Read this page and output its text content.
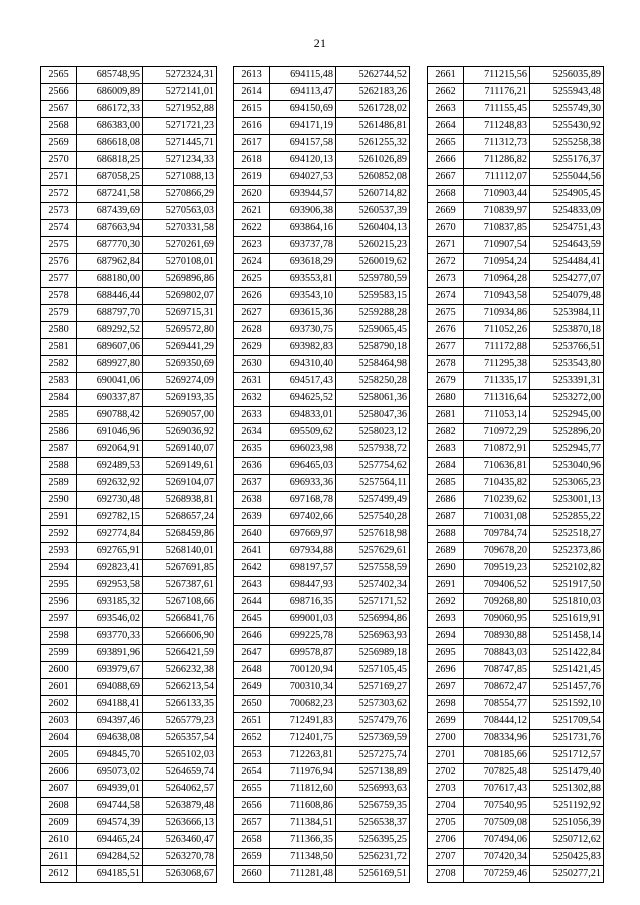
21
2565	685748,95	5272324,31
2566	686009,89	5272141,01
2567	686172,33	5271952,88
2568	686383,00	5271721,23
2569	686618,08	5271445,71
2570	686818,25	5271234,33
2571	687058,25	5271088,13
2572	687241,58	5270866,29
2573	687439,69	5270563,03
2574	687663,94	5270331,58
2575	687770,30	5270261,69
2576	687962,84	5270108,01
2577	688180,00	5269896,86
2578	688446,44	5269802,07
2579	688797,70	5269715,31
2580	689292,52	5269572,80
2581	689607,06	5269441,29
2582	689927,80	5269350,69
2583	690041,06	5269274,09
2584	690337,87	5269193,35
2585	690788,42	5269057,00
2586	691046,96	5269036,92
2587	692064,91	5269140,07
2588	692489,53	5269149,61
2589	692632,92	5269104,07
2590	692730,48	5268938,81
2591	692782,15	5268657,24
2592	692774,84	5268459,86
2593	692765,91	5268140,01
2594	692823,41	5267691,85
2595	692953,58	5267387,61
2596	693185,32	5267108,66
2597	693546,02	5266841,76
2598	693770,33	5266606,90
2599	693891,96	5266421,59
2600	693979,67	5266232,38
2601	694088,69	5266213,54
2602	694188,41	5266133,35
2603	694397,46	5265779,23
2604	694638,08	5265357,54
2605	694845,70	5265102,03
2606	695073,02	5264659,74
2607	694939,01	5264062,57
2608	694744,58	5263879,48
2609	694574,39	5263666,13
2610	694465,24	5263460,47
2611	694284,52	5263270,78
2612	694185,51	5263068,67
2613	694115,48	5262744,52
2614	694113,47	5262183,26
2615	694150,69	5261728,02
2616	694171,19	5261486,81
2617	694157,58	5261255,32
2618	694120,13	5261026,89
2619	694027,53	5260852,08
2620	693944,57	5260714,82
2621	693906,38	5260537,39
2622	693864,16	5260404,13
2623	693737,78	5260215,23
2624	693618,29	5260019,62
2625	693553,81	5259780,59
2626	693543,10	5259583,15
2627	693615,36	5259288,28
2628	693730,75	5259065,45
2629	693982,83	5258790,18
2630	694310,40	5258464,98
2631	694517,43	5258250,28
2632	694625,52	5258061,36
2633	694833,01	5258047,36
2634	695509,62	5258023,12
2635	696023,98	5257938,72
2636	696465,03	5257754,62
2637	696933,36	5257564,11
2638	697168,78	5257499,49
2639	697402,66	5257540,28
2640	697669,97	5257618,98
2641	697934,88	5257629,61
2642	698197,57	5257558,59
2643	698447,93	5257402,34
2644	698716,35	5257171,52
2645	699001,03	5256994,86
2646	699225,78	5256963,93
2647	699578,87	5256989,18
2648	700120,94	5257105,45
2649	700310,34	5257169,27
2650	700682,23	5257303,62
2651	712491,83	5257479,76
2652	712401,75	5257369,59
2653	712263,81	5257275,74
2654	711976,94	5257138,89
2655	711812,60	5256993,63
2656	711608,86	5256759,35
2657	711384,51	5256538,37
2658	711366,35	5256395,25
2659	711348,50	5256231,72
2660	711281,48	5256169,51
2661	711215,56	5256035,89
2662	711176,21	5255943,48
2663	711155,45	5255749,30
2664	711248,83	5255430,92
2665	711312,73	5255258,38
2666	711286,82	5255176,37
2667	711112,07	5255044,56
2668	710903,44	5254905,45
2669	710839,97	5254833,09
2670	710837,85	5254751,43
2671	710907,54	5254643,59
2672	710954,24	5254484,41
2673	710964,28	5254277,07
2674	710943,58	5254079,48
2675	710934,86	5253984,11
2676	711052,26	5253870,18
2677	711172,88	5253766,51
2678	711295,38	5253543,80
2679	711335,17	5253391,31
2680	711316,64	5253272,00
2681	711053,14	5252945,00
2682	710972,29	5252896,20
2683	710872,91	5252945,77
2684	710636,81	5253040,96
2685	710435,82	5253065,23
2686	710239,62	5253001,13
2687	710031,08	5252855,22
2688	709784,74	5252518,27
2689	709678,20	5252373,86
2690	709519,23	5252102,82
2691	709406,52	5251917,50
2692	709268,80	5251810,03
2693	709060,95	5251619,91
2694	708930,88	5251458,14
2695	708843,03	5251422,84
2696	708747,85	5251421,45
2697	708672,47	5251457,76
2698	708554,77	5251592,10
2699	708444,12	5251709,54
2700	708334,96	5251731,76
2701	708185,66	5251712,57
2702	707825,48	5251479,40
2703	707617,43	5251302,88
2704	707540,95	5251192,92
2705	707509,08	5251056,39
2706	707494,06	5250712,62
2707	707420,34	5250425,83
2708	707259,46	5250277,21
